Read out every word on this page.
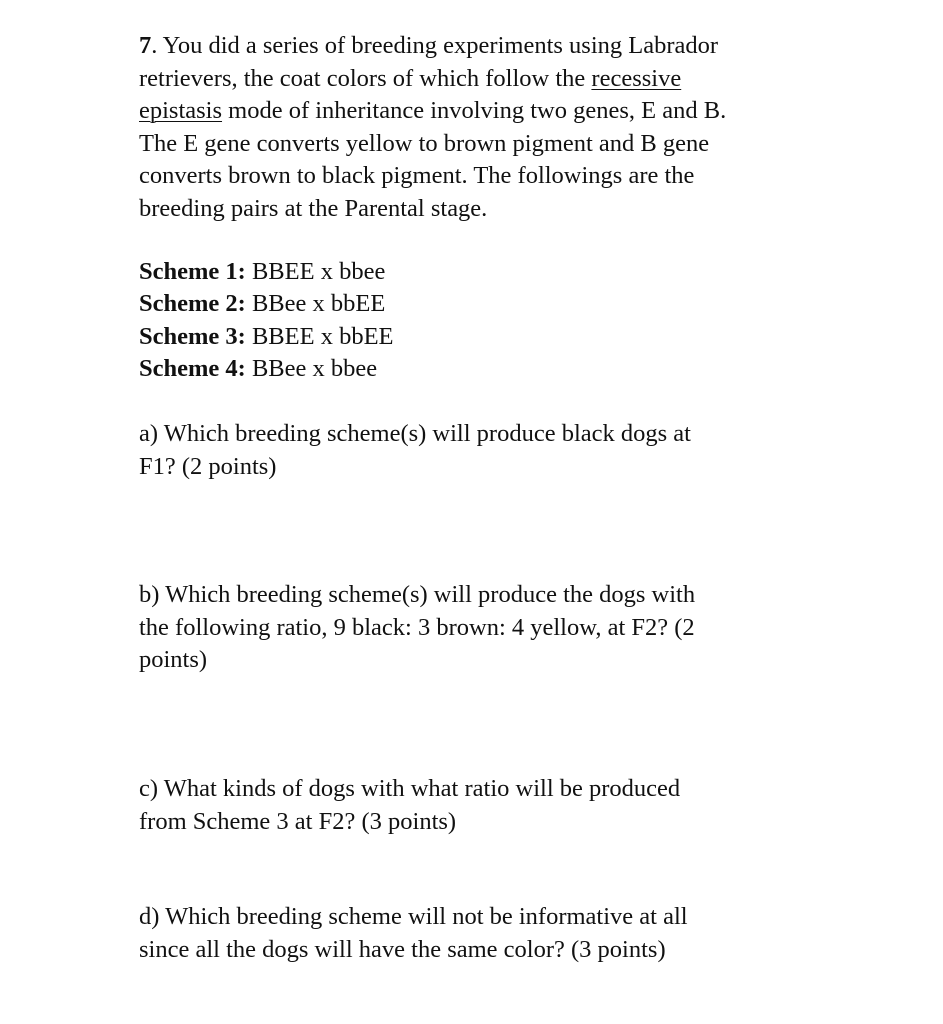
7. You did a series of breeding experiments using Labrador
retrievers, the coat colors of which follow the recessive
epistasis mode of inheritance involving two genes, E and B.
The E gene converts yellow to brown pigment and B gene
converts brown to black pigment. The followings are the
breeding pairs at the Parental stage.

Scheme 1: BBEE x bbee
Scheme 2: BBee x bbEE
Scheme 3: BBEE x bbEE
Scheme 4: BBee x bbee

a) Which breeding scheme(s) will produce black dogs at
F1? (2 points)

b) Which breeding scheme(s) will produce the dogs with
the following ratio, 9 black: 3 brown: 4 yellow, at F2? (2
points)

c) What kinds of dogs with what ratio will be produced
from Scheme 3 at F2? (3 points)

d) Which breeding scheme will not be informative at all
since all the dogs will have the same color? (3 points)
